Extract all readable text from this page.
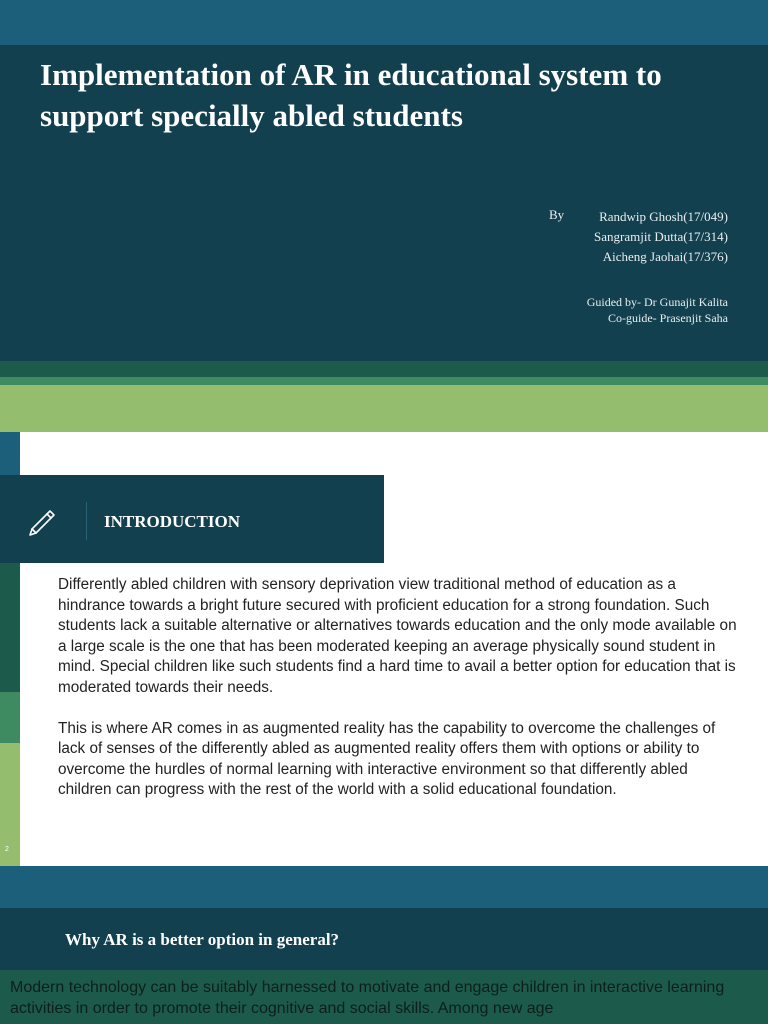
Implementation of AR in educational system to support specially abled students
By	Randwip Ghosh(17/049)
Sangramjit Dutta(17/314)
Aicheng Jaohai(17/376)
Guided by- Dr Gunajit Kalita
Co-guide- Prasenjit Saha
2
INTRODUCTION

Differently abled children with sensory deprivation view traditional method of education as a hindrance towards a bright future secured with proficient education for a strong foundation. Such students lack a suitable alternative or alternatives towards education and the only mode available on a large scale is the one that has been moderated keeping an average physically sound student in mind. Special children like such students find a hard time to avail a better option for education that is moderated towards their needs.

This is where AR comes in as augmented reality has the capability to overcome the challenges of lack of senses of the differently abled as augmented reality offers them with options or ability to overcome the hurdles of normal learning with interactive environment so that differently abled children can progress with the rest of the world with a solid educational foundation.

Why AR is a better option in general?
Modern technology can be suitably harnessed to motivate and engage children in interactive learning activities in order to promote their cognitive and social skills. Among new age
